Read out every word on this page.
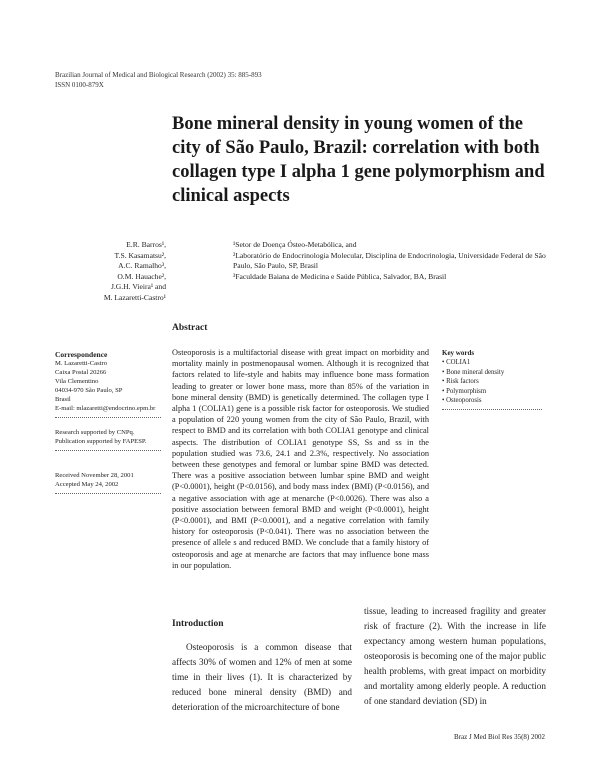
Brazilian Journal of Medical and Biological Research (2002) 35: 885-893
ISSN 0100-879X
Bone mineral density in young women of the city of São Paulo, Brazil: correlation with both collagen type I alpha 1 gene polymorphism and clinical aspects
E.R. Barros¹,
T.S. Kasamatsu²,
A.C. Ramalho³,
O.M. Hauache²,
J.G.H. Vieira¹ and
M. Lazaretti-Castro¹
¹Setor de Doença Ósteo-Metabólica, and
²Laboratório de Endocrinologia Molecular, Disciplina de Endocrinologia, Universidade Federal de São Paulo, São Paulo, SP, Brasil
³Faculdade Baiana de Medicina e Saúde Pública, Salvador, BA, Brasil
Correspondence
M. Lazaretti-Castro
Caixa Postal 20266
Vila Clementino
04034-970 São Paulo, SP
Brasil
E-mail: mlazaretti@endocrino.epm.br
Research supported by CNPq.
Publication supported by FAPESP.
Received November 28, 2001
Accepted May 24, 2002
Abstract
Osteoporosis is a multifactorial disease with great impact on morbidity and mortality mainly in postmenopausal women. Although it is recognized that factors related to life-style and habits may influence bone mass formation leading to greater or lower bone mass, more than 85% of the variation in bone mineral density (BMD) is genetically determined. The collagen type I alpha 1 (COLIA1) gene is a possible risk factor for osteoporosis. We studied a population of 220 young women from the city of São Paulo, Brazil, with respect to BMD and its correlation with both COLIA1 genotype and clinical aspects. The distribution of COLIA1 genotype SS, Ss and ss in the population studied was 73.6, 24.1 and 2.3%, respectively. No association between these genotypes and femoral or lumbar spine BMD was detected. There was a positive association between lumbar spine BMD and weight (P<0.0001), height (P<0.0156), and body mass index (BMI) (P<0.0156), and a negative association with age at menarche (P<0.0026). There was also a positive association between femoral BMD and weight (P<0.0001), height (P<0.0001), and BMI (P<0.0001), and a negative correlation with family history for osteoporosis (P<0.041). There was no association between the presence of allele s and reduced BMD. We conclude that a family history of osteoporosis and age at menarche are factors that may influence bone mass in our population.
Key words
• COLIA1
• Bone mineral density
• Risk factors
• Polymorphism
• Osteoporosis
Introduction

Osteoporosis is a common disease that affects 30% of women and 12% of men at some time in their lives (1). It is characterized by reduced bone mineral density (BMD) and deterioration of the microarchitecture of bone

tissue, leading to increased fragility and greater risk of fracture (2). With the increase in life expectancy among western human populations, osteoporosis is becoming one of the major public health problems, with great impact on morbidity and mortality among elderly people. A reduction of one standard deviation (SD) in

Braz J Med Biol Res 35(8) 2002
